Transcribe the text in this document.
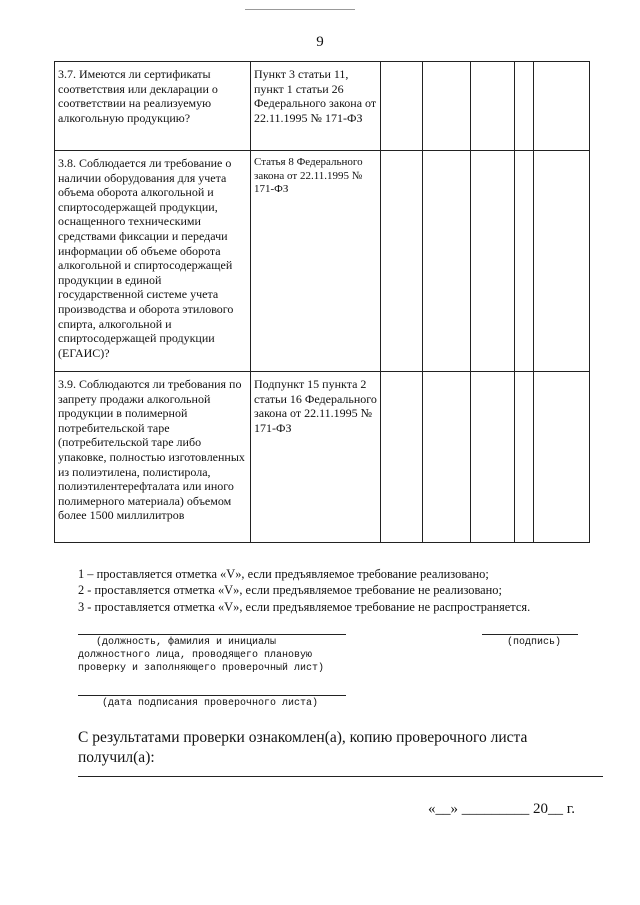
9
3.7. Имеются ли сертификаты соответствия или декларации о соответствии на реализуемую алкогольную продукцию?	Пункт 3 статьи 11, пункт 1 статьи 26 Федерального закона от 22.11.1995 № 171-ФЗ					
3.8. Соблюдается ли требование о наличии оборудования для учета объема оборота алкогольной и спиртосодержащей продукции, оснащенного техническими средствами фиксации и передачи информации об объеме оборота алкогольной и спиртосодержащей продукции в единой государственной системе учета производства и оборота этилового спирта, алкогольной и спиртосодержащей продукции (ЕГАИС)?	Статья 8 Федерального закона от 22.11.1995 № 171-ФЗ					
3.9. Соблюдаются ли требования по запрету продажи алкогольной продукции в полимерной потребительской таре (потребительской таре либо упаковке, полностью изготовленных из полиэтилена, полистирола, полиэтилентерефталата или иного полимерного материала) объемом более 1500 миллилитров	Подпункт 15 пункта 2 статьи 16 Федерального закона от 22.11.1995 № 171-ФЗ					
1 – проставляется отметка «V», если предъявляемое требование реализовано;
2 - проставляется отметка «V», если предъявляемое требование не реализовано;
3 - проставляется отметка «V», если предъявляемое требование не распространяется.
(должность, фамилия и инициалы
должностного лица, проводящего плановую
проверку и заполняющего проверочный лист)
(подпись)
(дата подписания проверочного листа)
С результатами проверки ознакомлен(а), копию проверочного листа получил(а):
«__» _________ 20__ г.
